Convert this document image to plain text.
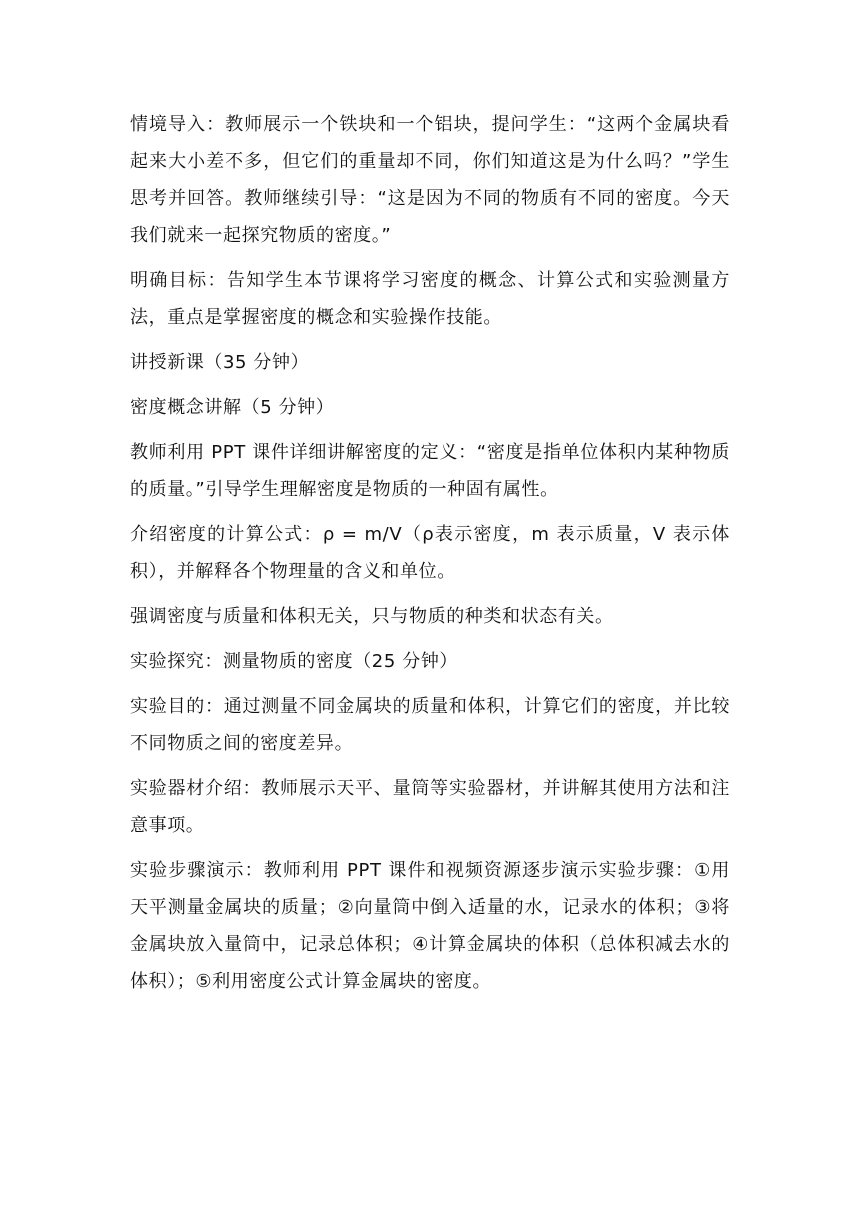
情境导入：教师展示一个铁块和一个铝块，提问学生：“这两个金属块看起来大小差不多，但它们的重量却不同，你们知道这是为什么吗？”学生思考并回答。教师继续引导：“这是因为不同的物质有不同的密度。今天我们就来一起探究物质的密度。”

明确目标：告知学生本节课将学习密度的概念、计算公式和实验测量方法，重点是掌握密度的概念和实验操作技能。

讲授新课（35 分钟）

密度概念讲解（5 分钟）

教师利用 PPT 课件详细讲解密度的定义：“密度是指单位体积内某种物质的质量。”引导学生理解密度是物质的一种固有属性。

介绍密度的计算公式：ρ = m/V（ρ表示密度，m 表示质量，V 表示体积），并解释各个物理量的含义和单位。

强调密度与质量和体积无关，只与物质的种类和状态有关。

实验探究：测量物质的密度（25 分钟）

实验目的：通过测量不同金属块的质量和体积，计算它们的密度，并比较不同物质之间的密度差异。

实验器材介绍：教师展示天平、量筒等实验器材，并讲解其使用方法和注意事项。

实验步骤演示：教师利用 PPT 课件和视频资源逐步演示实验步骤：①用天平测量金属块的质量；②向量筒中倒入适量的水，记录水的体积；③将金属块放入量筒中，记录总体积；④计算金属块的体积（总体积减去水的体积）；⑤利用密度公式计算金属块的密度。
